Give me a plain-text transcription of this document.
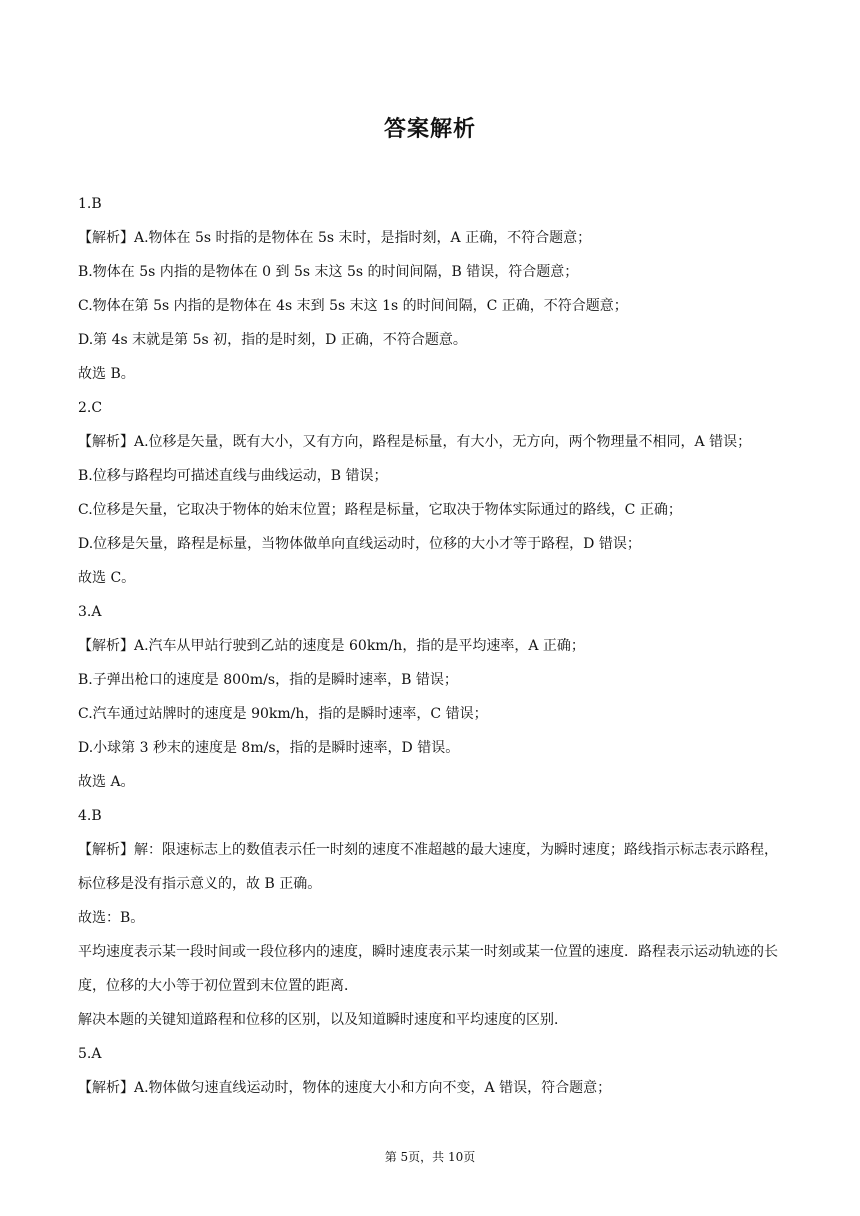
答案解析
1.B
【解析】A.物体在 5s 时指的是物体在 5s 末时，是指时刻，A 正确，不符合题意；
B.物体在 5s 内指的是物体在 0 到 5s 末这 5s 的时间间隔，B 错误，符合题意；
C.物体在第 5s 内指的是物体在 4s 末到 5s 末这 1s 的时间间隔，C 正确，不符合题意；
D.第 4s 末就是第 5s 初，指的是时刻，D 正确，不符合题意。
故选 B。
2.C
【解析】A.位移是矢量，既有大小，又有方向，路程是标量，有大小，无方向，两个物理量不相同，A 错误；
B.位移与路程均可描述直线与曲线运动，B 错误；
C.位移是矢量，它取决于物体的始末位置；路程是标量，它取决于物体实际通过的路线，C 正确；
D.位移是矢量，路程是标量，当物体做单向直线运动时，位移的大小才等于路程，D 错误；
故选 C。
3.A
【解析】A.汽车从甲站行驶到乙站的速度是 60km/h，指的是平均速率，A 正确；
B.子弹出枪口的速度是 800m/s，指的是瞬时速率，B 错误；
C.汽车通过站牌时的速度是 90km/h，指的是瞬时速率，C 错误；
D.小球第 3 秒末的速度是 8m/s，指的是瞬时速率，D 错误。
故选 A。
4.B
【解析】解：限速标志上的数值表示任一时刻的速度不准超越的最大速度，为瞬时速度；路线指示标志表示路程，标位移是没有指示意义的，故 B 正确。
故选：B。
平均速度表示某一段时间或一段位移内的速度，瞬时速度表示某一时刻或某一位置的速度．路程表示运动轨迹的长度，位移的大小等于初位置到末位置的距离．
解决本题的关键知道路程和位移的区别，以及知道瞬时速度和平均速度的区别．
5.A
【解析】A.物体做匀速直线运动时，物体的速度大小和方向不变，A 错误，符合题意；
第 5页，共 10页
